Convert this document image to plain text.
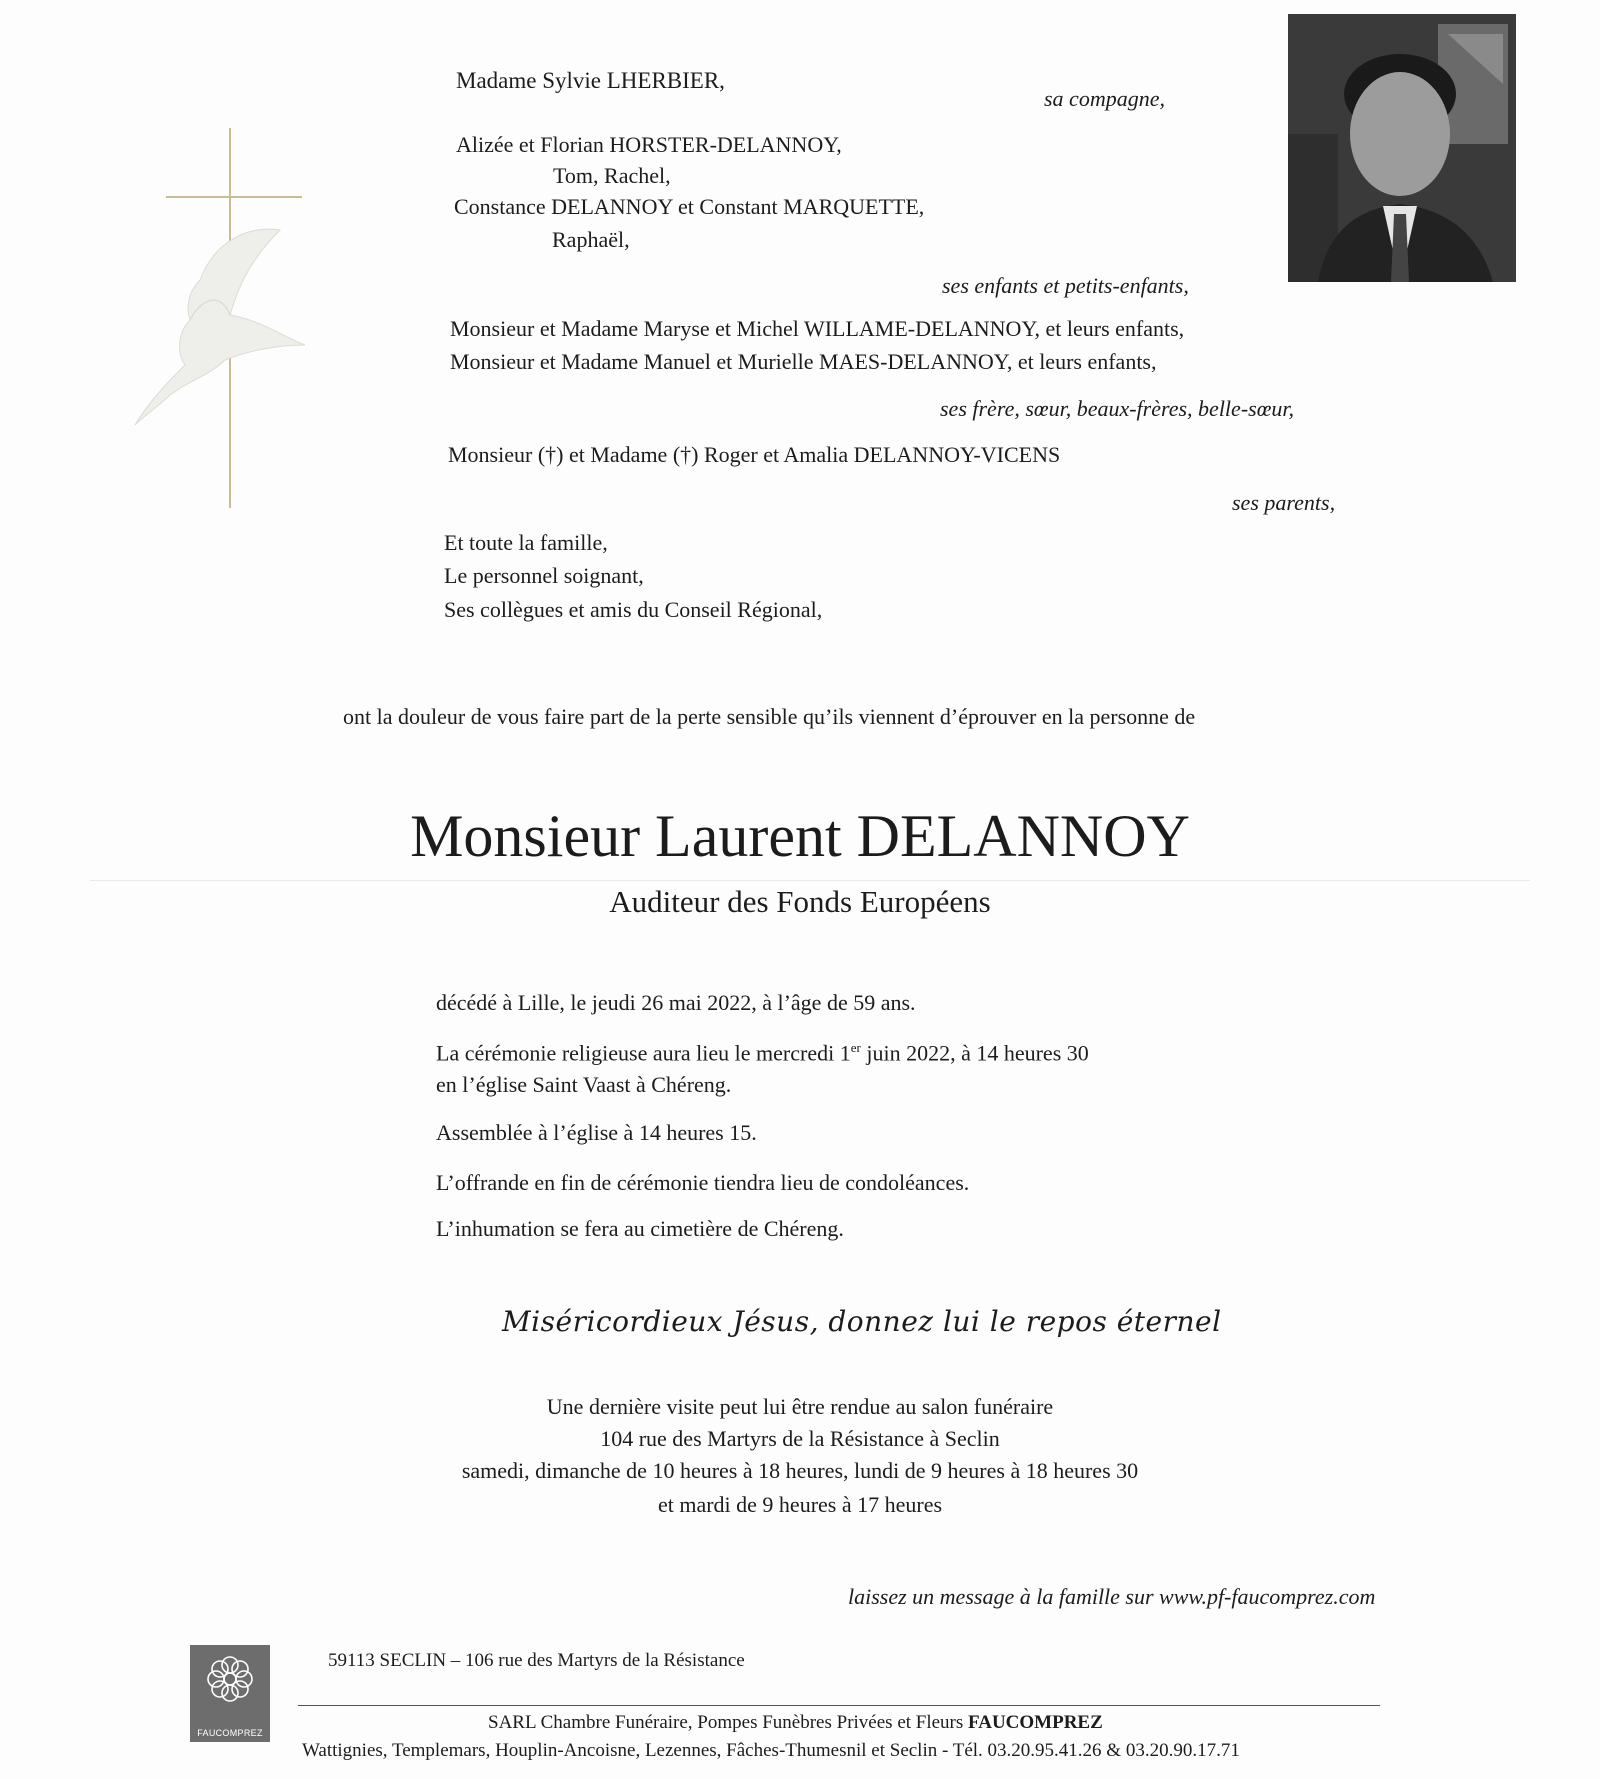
Madame Sylvie LHERBIER,

sa compagne,

Alizée et Florian HORSTER-DELANNOY,

Tom, Rachel,

Constance DELANNOY et Constant MARQUETTE,

Raphaël,

ses enfants et petits-enfants,

Monsieur et Madame Maryse et Michel WILLAME-DELANNOY, et leurs enfants,

Monsieur et Madame Manuel et Murielle MAES-DELANNOY, et leurs enfants,

ses frère, sœur, beaux-frères, belle-sœur,

Monsieur (†) et Madame (†) Roger et Amalia DELANNOY-VICENS

ses parents,

Et toute la famille,

Le personnel soignant,

Ses collègues et amis du Conseil Régional,

ont la douleur de vous faire part de la perte sensible qu’ils viennent d’éprouver en la personne de

Monsieur Laurent DELANNOY

Auditeur des Fonds Européens

décédé à Lille, le jeudi 26 mai 2022, à l’âge de 59 ans.

La cérémonie religieuse aura lieu le mercredi 1er juin 2022, à 14 heures 30

en l’église Saint Vaast à Chéreng.

Assemblée à l’église à 14 heures 15.

L’offrande en fin de cérémonie tiendra lieu de condoléances.

L’inhumation se fera au cimetière de Chéreng.

Miséricordieux Jésus, donnez lui le repos éternel

Une dernière visite peut lui être rendue au salon funéraire

104 rue des Martyrs de la Résistance à Seclin

samedi, dimanche de 10 heures à 18 heures, lundi de 9 heures à 18 heures 30

et mardi de 9 heures à 17 heures

laissez un message à la famille sur www.pf-faucomprez.com

FAUCOMPREZ

59113 SECLIN – 106 rue des Martyrs de la Résistance

SARL Chambre Funéraire, Pompes Funèbres Privées et Fleurs FAUCOMPREZ

Wattignies, Templemars, Houplin-Ancoisne, Lezennes, Fâches-Thumesnil et Seclin - Tél. 03.20.95.41.26 & 03.20.90.17.71
